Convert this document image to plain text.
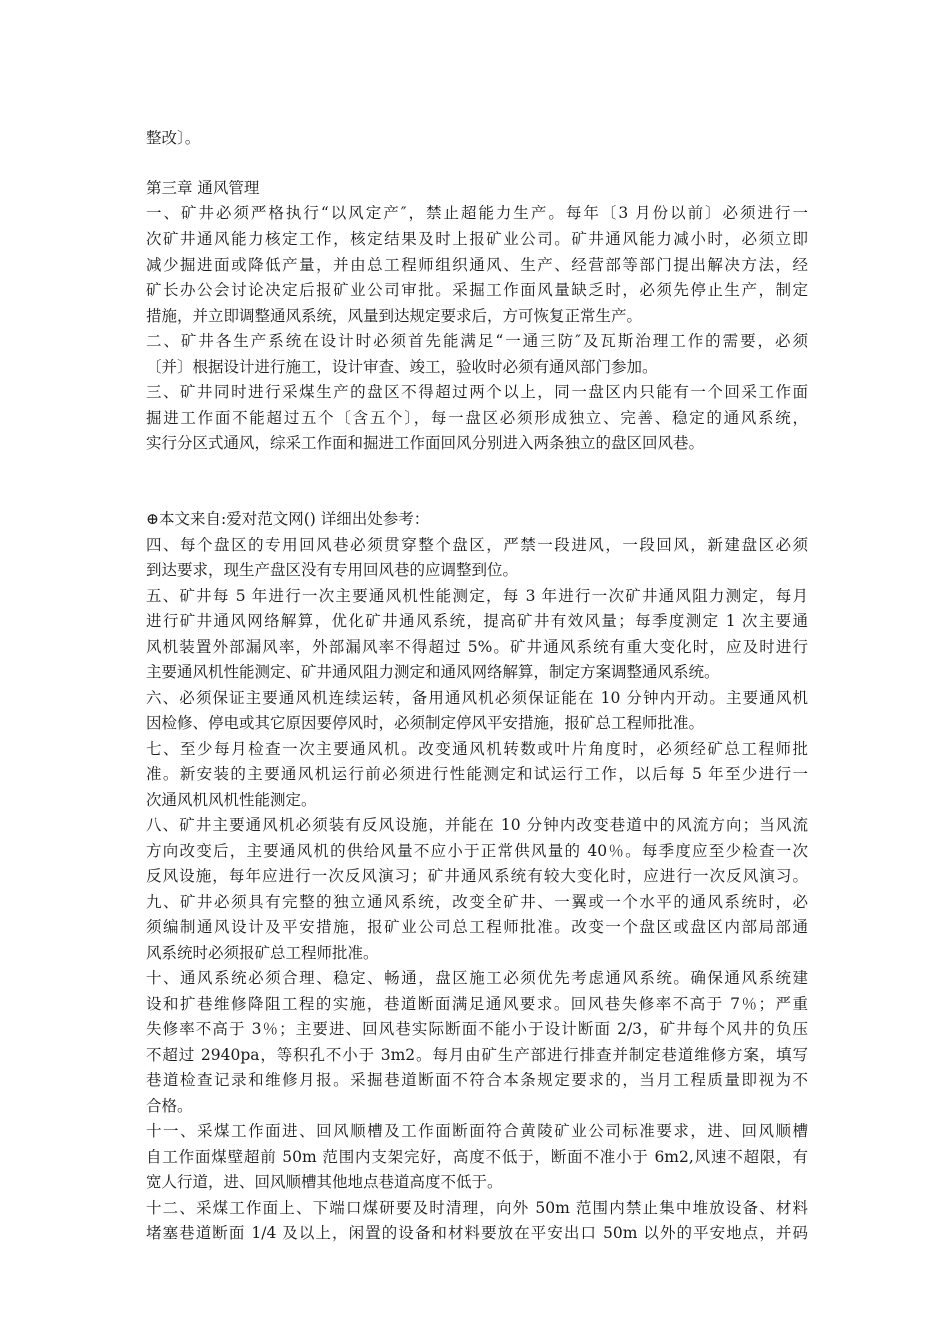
整改〕。
第三章 通风管理
一、矿井必须严格执行“以风定产″，禁止超能力生产。每年〔3 月份以前〕必须进行一
次矿井通风能力核定工作，核定结果及时上报矿业公司。矿井通风能力减小时，必须立即
减少掘进面或降低产量，并由总工程师组织通风、生产、经营部等部门提出解决方法，经
矿长办公会讨论决定后报矿业公司审批。采掘工作面风量缺乏时，必须先停止生产，制定
措施，并立即调整通风系统，风量到达规定要求后，方可恢复正常生产。
二、矿井各生产系统在设计时必须首先能满足“一通三防″及瓦斯治理工作的需要，必须
〔并〕根据设计进行施工，设计审查、竣工，验收时必须有通风部门参加。
三、矿井同时进行采煤生产的盘区不得超过两个以上，同一盘区内只能有一个回采工作面
掘进工作面不能超过五个〔含五个〕，每一盘区必须形成独立、完善、稳定的通风系统，
实行分区式通风，综采工作面和掘进工作面回风分别进入两条独立的盘区回风巷。
⊕本文来自:爱对范文网() 详细出处参考：
四、每个盘区的专用回风巷必须贯穿整个盘区，严禁一段进风，一段回风，新建盘区必须
到达要求，现生产盘区没有专用回风巷的应调整到位。
五、矿井每 5 年进行一次主要通风机性能测定，每 3 年进行一次矿井通风阻力测定，每月
进行矿井通风网络解算，优化矿井通风系统，提高矿井有效风量；每季度测定 1 次主要通
风机装置外部漏风率，外部漏风率不得超过 5%。矿井通风系统有重大变化时，应及时进行
主要通风机性能测定、矿井通风阻力测定和通风网络解算，制定方案调整通风系统。
六、必须保证主要通风机连续运转，备用通风机必须保证能在 10 分钟内开动。主要通风机
因检修、停电或其它原因要停风时，必须制定停风平安措施，报矿总工程师批准。
七、至少每月检查一次主要通风机。改变通风机转数或叶片角度时，必须经矿总工程师批
准。新安装的主要通风机运行前必须进行性能测定和试运行工作，以后每 5 年至少进行一
次通风机风机性能测定。
八、矿井主要通风机必须装有反风设施，并能在 10 分钟内改变巷道中的风流方向；当风流
方向改变后，主要通风机的供给风量不应小于正常供风量的 40％。每季度应至少检查一次
反风设施，每年应进行一次反风演习；矿井通风系统有较大变化时，应进行一次反风演习。
九、矿井必须具有完整的独立通风系统，改变全矿井、一翼或一个水平的通风系统时，必
须编制通风设计及平安措施，报矿业公司总工程师批准。改变一个盘区或盘区内部局部通
风系统时必须报矿总工程师批准。
十、通风系统必须合理、稳定、畅通，盘区施工必须优先考虑通风系统。确保通风系统建
设和扩巷维修降阻工程的实施，巷道断面满足通风要求。回风巷失修率不高于 7％；严重
失修率不高于 3％；主要进、回风巷实际断面不能小于设计断面 2/3，矿井每个风井的负压
不超过 2940pa，等积孔不小于 3m2。每月由矿生产部进行排查并制定巷道维修方案，填写
巷道检查记录和维修月报。采掘巷道断面不符合本条规定要求的，当月工程质量即视为不
合格。
十一、采煤工作面进、回风顺槽及工作面断面符合黄陵矿业公司标准要求，进、回风顺槽
自工作面煤壁超前 50m 范围内支架完好，高度不低于，断面不准小于 6m2,风速不超限，有
宽人行道，进、回风顺槽其他地点巷道高度不低于。
十二、采煤工作面上、下端口煤研要及时清理，向外 50m 范围内禁止集中堆放设备、材料
堵塞巷道断面 1/4 及以上，闲置的设备和材料要放在平安出口 50m 以外的平安地点，并码
